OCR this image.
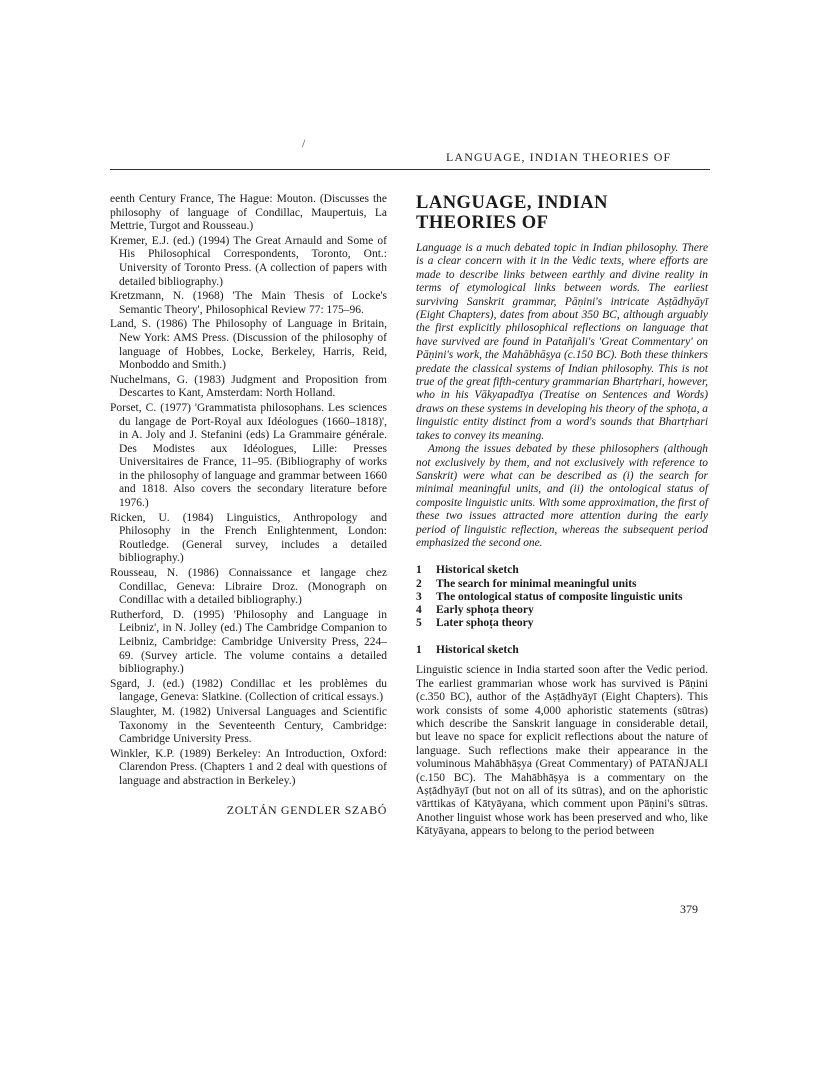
/
LANGUAGE, INDIAN THEORIES OF

eenth Century France, The Hague: Mouton. (Discusses the philosophy of language of Condillac, Maupertuis, La Mettrie, Turgot and Rousseau.)

Kremer, E.J. (ed.) (1994) The Great Arnauld and Some of His Philosophical Correspondents, Toronto, Ont.: University of Toronto Press. (A collection of papers with detailed bibliography.)

Kretzmann, N. (1968) 'The Main Thesis of Locke's Semantic Theory', Philosophical Review 77: 175–96.

Land, S. (1986) The Philosophy of Language in Britain, New York: AMS Press. (Discussion of the philosophy of language of Hobbes, Locke, Berkeley, Harris, Reid, Monboddo and Smith.)

Nuchelmans, G. (1983) Judgment and Proposition from Descartes to Kant, Amsterdam: North Holland.

Porset, C. (1977) 'Grammatista philosophans. Les sciences du langage de Port-Royal aux Idéologues (1660–1818)', in A. Joly and J. Stefanini (eds) La Grammaire générale. Des Modistes aux Idéologues, Lille: Presses Universitaires de France, 11–95. (Bibliography of works in the philosophy of language and grammar between 1660 and 1818. Also covers the secondary literature before 1976.)

Ricken, U. (1984) Linguistics, Anthropology and Philosophy in the French Enlightenment, London: Routledge. (General survey, includes a detailed bibliography.)

Rousseau, N. (1986) Connaissance et langage chez Condillac, Geneva: Libraire Droz. (Monograph on Condillac with a detailed bibliography.)

Rutherford, D. (1995) 'Philosophy and Language in Leibniz', in N. Jolley (ed.) The Cambridge Companion to Leibniz, Cambridge: Cambridge University Press, 224–69. (Survey article. The volume contains a detailed bibliography.)

Sgard, J. (ed.) (1982) Condillac et les problèmes du langage, Geneva: Slatkine. (Collection of critical essays.)

Slaughter, M. (1982) Universal Languages and Scientific Taxonomy in the Seventeenth Century, Cambridge: Cambridge University Press.

Winkler, K.P. (1989) Berkeley: An Introduction, Oxford: Clarendon Press. (Chapters 1 and 2 deal with questions of language and abstraction in Berkeley.)

ZOLTÁN GENDLER SZABÓ
LANGUAGE, INDIAN
THEORIES OF

Language is a much debated topic in Indian philosophy. There is a clear concern with it in the Vedic texts, where efforts are made to describe links between earthly and divine reality in terms of etymological links between words. The earliest surviving Sanskrit grammar, Pāṇini's intricate Aṣṭādhyāyī (Eight Chapters), dates from about 350 BC, although arguably the first explicitly philosophical reflections on language that have survived are found in Patañjali's 'Great Commentary' on Pāṇini's work, the Mahābhāṣya (c.150 BC). Both these thinkers predate the classical systems of Indian philosophy. This is not true of the great fifth-century grammarian Bhartṛhari, however, who in his Vākyapadīya (Treatise on Sentences and Words) draws on these systems in developing his theory of the sphoṭa, a linguistic entity distinct from a word's sounds that Bhartṛhari takes to convey its meaning.

Among the issues debated by these philosophers (although not exclusively by them, and not exclusively with reference to Sanskrit) were what can be described as (i) the search for minimal meaningful units, and (ii) the ontological status of composite linguistic units. With some approximation, the first of these two issues attracted more attention during the early period of linguistic reflection, whereas the subsequent period emphasized the second one.

1 Historical sketch
2 The search for minimal meaningful units
3 The ontological status of composite linguistic units
4 Early sphoṭa theory
5 Later sphoṭa theory
1 Historical sketch

Linguistic science in India started soon after the Vedic period. The earliest grammarian whose work has survived is Pāṇini (c.350 BC), author of the Aṣṭādhyāyī (Eight Chapters). This work consists of some 4,000 aphoristic statements (sūtras) which describe the Sanskrit language in considerable detail, but leave no space for explicit reflections about the nature of language. Such reflections make their appearance in the voluminous Mahābhāṣya (Great Commentary) of PATAÑJALI (c.150 BC). The Mahābhāṣya is a commentary on the Aṣṭādhyāyī (but not on all of its sūtras), and on the aphoristic vārttikas of Kātyāyana, which comment upon Pāṇini's sūtras. Another linguist whose work has been preserved and who, like Kātyāyana, appears to belong to the period between

379
